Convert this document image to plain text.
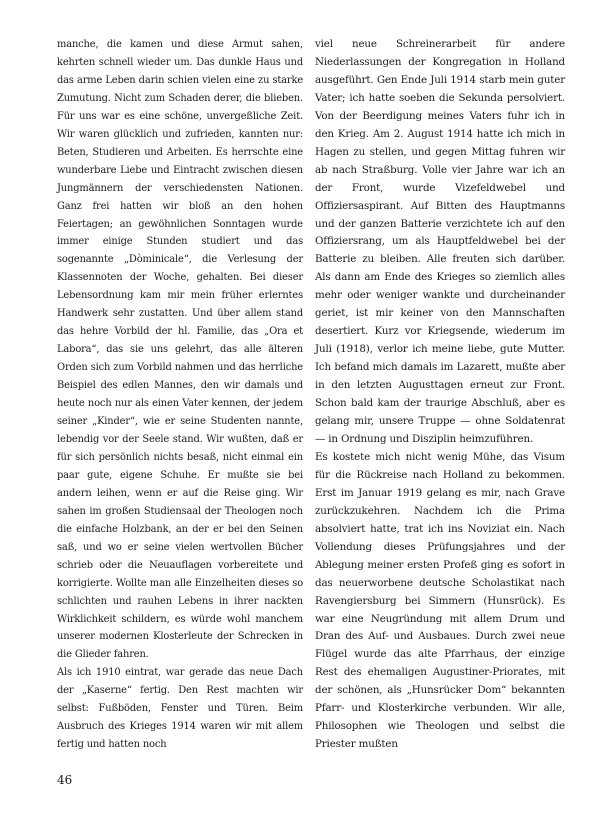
manche, die kamen und diese Armut sahen, kehrten schnell wieder um. Das dunkle Haus und das arme Leben darin schien vielen eine zu starke Zumutung. Nicht zum Schaden derer, die blieben. Für uns war es eine schöne, unvergeßliche Zeit. Wir waren glücklich und zufrieden, kannten nur: Beten, Studieren und Arbeiten. Es herrschte eine wunderbare Liebe und Eintracht zwischen diesen Jungmännern der verschiedensten Nationen. Ganz frei hatten wir bloß an den hohen Feiertagen; an gewöhnlichen Sonntagen wurde immer einige Stunden studiert und das sogenannte „Dòminicale“, die Verlesung der Klassennoten der Woche, gehalten. Bei dieser Lebensordnung kam mir mein früher erlerntes Handwerk sehr zustatten. Und über allem stand das hehre Vorbild der hl. Familie, das „Ora et Labora“, das sie uns gelehrt, das alle älteren Orden sich zum Vorbild nahmen und das herrliche Beispiel des edlen Mannes, den wir damals und heute noch nur als einen Vater kennen, der jedem seiner „Kinder“, wie er seine Studenten nannte, lebendig vor der Seele stand. Wir wußten, daß er für sich persönlich nichts besaß, nicht einmal ein paar gute, eigene Schuhe. Er mußte sie bei andern leihen, wenn er auf die Reise ging. Wir sahen im großen Studiensaal der Theologen noch die einfache Holzbank, an der er bei den Seinen saß, und wo er seine vielen wertvollen Bücher schrieb oder die Neuauflagen vorbereitete und korrigierte. Wollte man alle Einzelheiten dieses so schlichten und rauhen Lebens in ihrer nackten Wirklichkeit schildern, es würde wohl manchem unserer modernen Klosterleute der Schrecken in die Glieder fahren.

Als ich 1910 eintrat, war gerade das neue Dach der „Kaserne“ fertig. Den Rest machten wir selbst: Fußböden, Fenster und Türen. Beim Ausbruch des Krieges 1914 waren wir mit allem fertig und hatten noch

viel neue Schreinerarbeit für andere Niederlassungen der Kongregation in Holland ausgeführt. Gen Ende Juli 1914 starb mein guter Vater; ich hatte soeben die Sekunda persolviert. Von der Beerdigung meines Vaters fuhr ich in den Krieg. Am 2. August 1914 hatte ich mich in Hagen zu stellen, und gegen Mittag fuhren wir ab nach Straßburg. Volle vier Jahre war ich an der Front, wurde Vizefeldwebel und Offiziersaspirant. Auf Bitten des Hauptmanns und der ganzen Batterie verzichtete ich auf den Offiziersrang, um als Hauptfeldwebel bei der Batterie zu bleiben. Alle freuten sich darüber. Als dann am Ende des Krieges so ziemlich alles mehr oder weniger wankte und durcheinander geriet, ist mir keiner von den Mannschaften desertiert. Kurz vor Kriegsende, wiederum im Juli (1918), verlor ich meine liebe, gute Mutter. Ich befand mich damals im Lazarett, mußte aber in den letzten Augusttagen erneut zur Front. Schon bald kam der traurige Abschluß, aber es gelang mir, unsere Truppe — ohne Soldatenrat — in Ordnung und Disziplin heimzuführen.

Es kostete mich nicht wenig Mühe, das Visum für die Rückreise nach Holland zu bekommen. Erst im Januar 1919 gelang es mir, nach Grave zurückzukehren. Nachdem ich die Prima absolviert hatte, trat ich ins Noviziat ein. Nach Vollendung dieses Prüfungsjahres und der Ablegung meiner ersten Profeß ging es sofort in das neuerworbene deutsche Scholastikat nach Ravengiersburg bei Simmern (Hunsrück). Es war eine Neugründung mit allem Drum und Dran des Auf- und Ausbaues. Durch zwei neue Flügel wurde das alte Pfarrhaus, der einzige Rest des ehemaligen Augustiner-Priorates, mit der schönen, als „Hunsrücker Dom“ bekannten Pfarr- und Klosterkirche verbunden. Wir alle, Philosophen wie Theologen und selbst die Priester mußten

46
